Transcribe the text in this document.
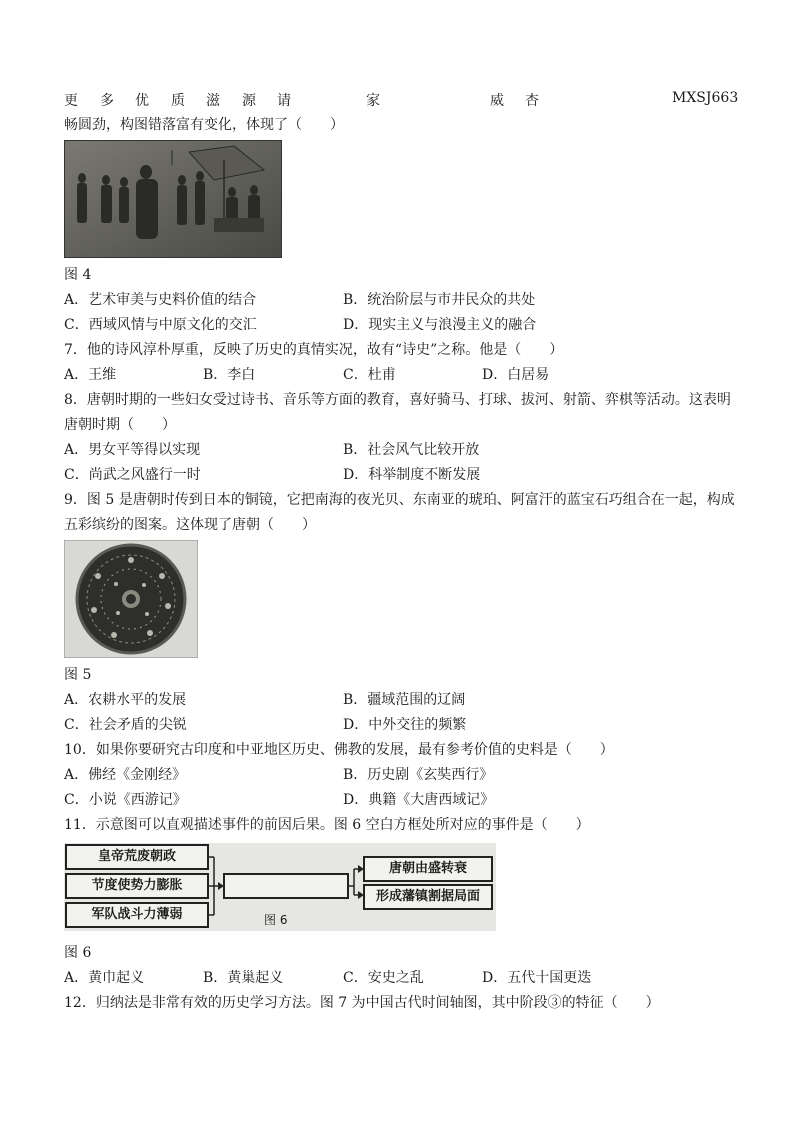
更 多 优 质 滋 源 请	家	威 杏	MXSJ663
畅圆劲，构图错落富有变化，体现了（　　）
图 4
A．艺术审美与史料价值的结合	B．统治阶层与市井民众的共处
C．西域风情与中原文化的交汇	D．现实主义与浪漫主义的融合
7．他的诗风淳朴厚重，反映了历史的真情实况，故有“诗史”之称。他是（　　）
A．王维	B．李白	C．杜甫	D．白居易
8．唐朝时期的一些妇女受过诗书、音乐等方面的教育，喜好骑马、打球、拔河、射箭、弈棋等活动。这表明
唐朝时期（　　）
A．男女平等得以实现	B．社会风气比较开放
C．尚武之风盛行一时	D．科举制度不断发展
9．图 5 是唐朝时传到日本的铜镜，它把南海的夜光贝、东南亚的琥珀、阿富汗的蓝宝石巧组合在一起，构成
五彩缤纷的图案。这体现了唐朝（　　）
图 5
A．农耕水平的发展	B．疆域范围的辽阔
C．社会矛盾的尖锐	D．中外交往的频繁
10．如果你要研究古印度和中亚地区历史、佛教的发展，最有参考价值的史料是（　　）
A．佛经《金刚经》	B．历史剧《玄奘西行》
C．小说《西游记》	D．典籍《大唐西域记》
11．示意图可以直观描述事件的前因后果。图 6 空白方框处所对应的事件是（　　）
皇帝荒废朝政
节度使势力膨胀
军队战斗力薄弱
唐朝由盛转衰
形成藩镇割据局面
图 6
图 6
A．黄巾起义	B．黄巢起义	C．安史之乱	D．五代十国更迭
12．归纳法是非常有效的历史学习方法。图 7 为中国古代时间轴图，其中阶段③的特征（　　）
